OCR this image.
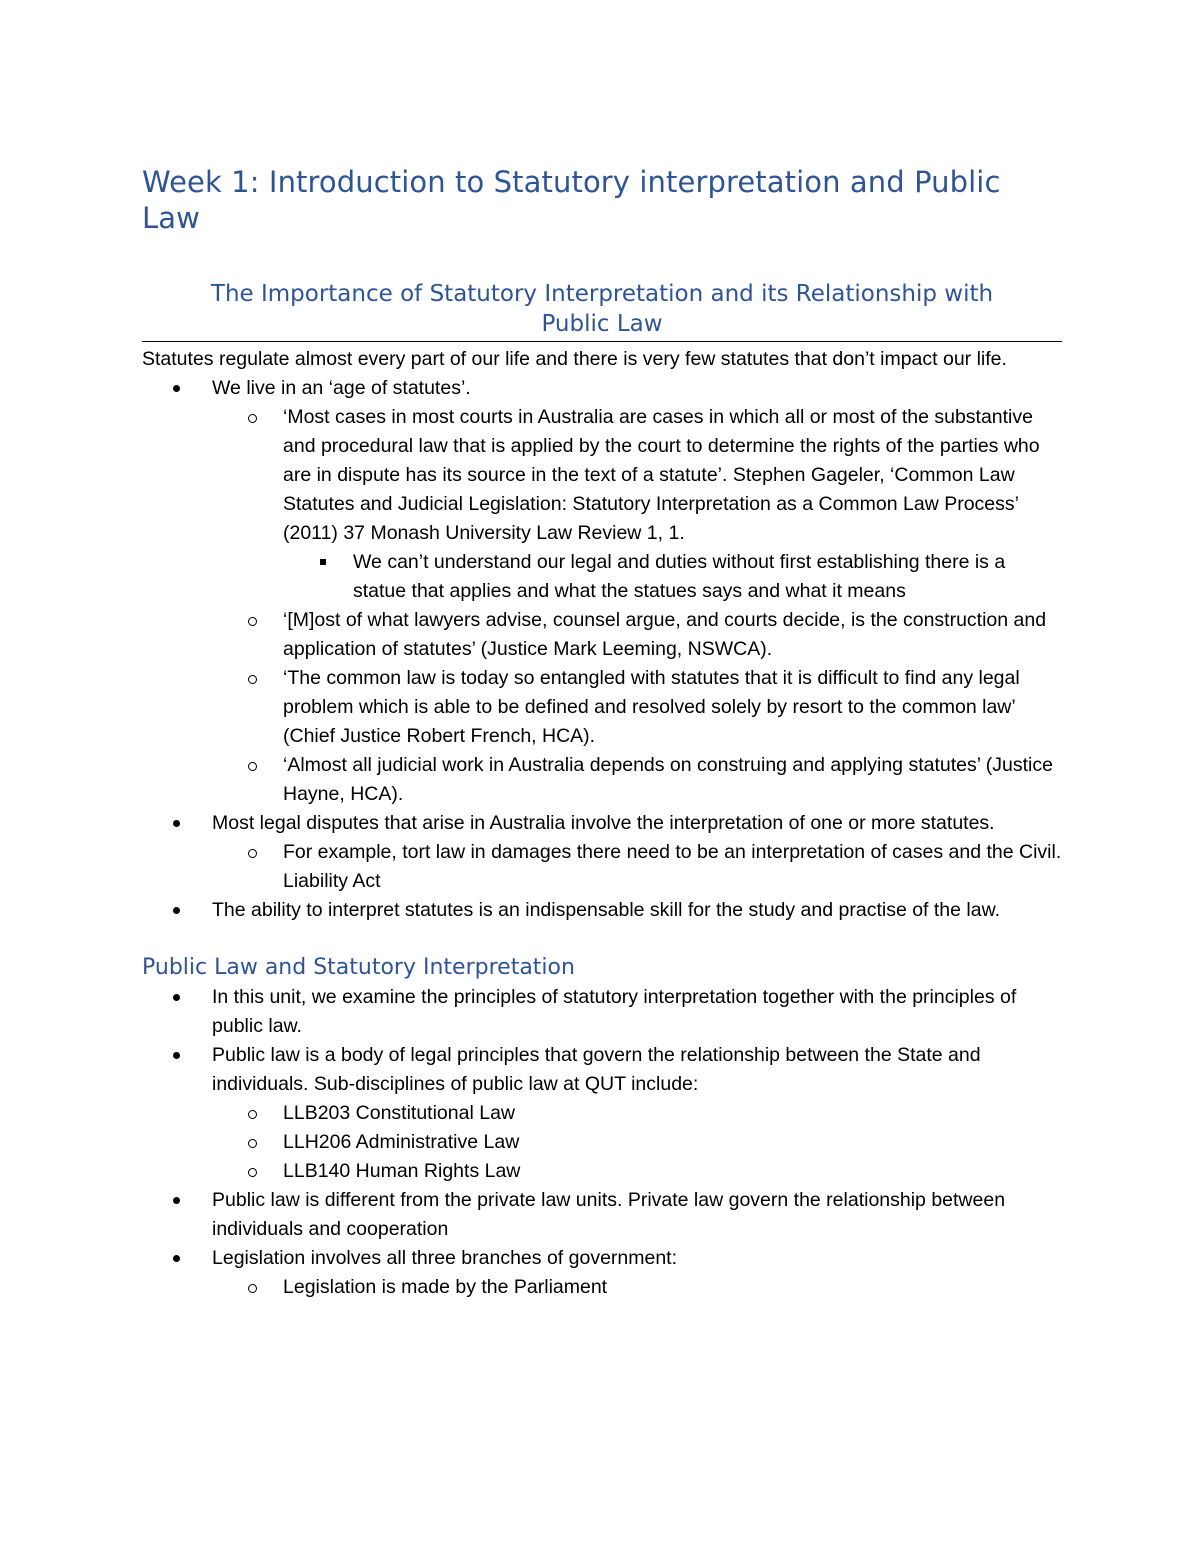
Week 1: Introduction to Statutory interpretation and Public Law
The Importance of Statutory Interpretation and its Relationship with
Public Law

Statutes regulate almost every part of our life and there is very few statutes that don’t impact our life.

We live in an ‘age of statutes’.
‘Most cases in most courts in Australia are cases in which all or most of the substantive and procedural law that is applied by the court to determine the rights of the parties who are in dispute has its source in the text of a statute’. Stephen Gageler, ‘Common Law Statutes and Judicial Legislation: Statutory Interpretation as a Common Law Process’ (2011) 37 Monash University Law Review 1, 1.
We can’t understand our legal and duties without first establishing there is a statue that applies and what the statues says and what it means
‘[M]ost of what lawyers advise, counsel argue, and courts decide, is the construction and application of statutes’ (Justice Mark Leeming, NSWCA).
‘The common law is today so entangled with statutes that it is difficult to find any legal problem which is able to be defined and resolved solely by resort to the common law’ (Chief Justice Robert French, HCA).
‘Almost all judicial work in Australia depends on construing and applying statutes’ (Justice Hayne, HCA).
Most legal disputes that arise in Australia involve the interpretation of one or more statutes.
For example, tort law in damages there need to be an interpretation of cases and the Civil. Liability Act
The ability to interpret statutes is an indispensable skill for the study and practise of the law.
Public Law and Statutory Interpretation
In this unit, we examine the principles of statutory interpretation together with the principles of public law.
Public law is a body of legal principles that govern the relationship between the State and individuals. Sub-disciplines of public law at QUT include:
LLB203 Constitutional Law
LLH206 Administrative Law
LLB140 Human Rights Law
Public law is different from the private law units. Private law govern the relationship between individuals and cooperation
Legislation involves all three branches of government:
Legislation is made by the Parliament
